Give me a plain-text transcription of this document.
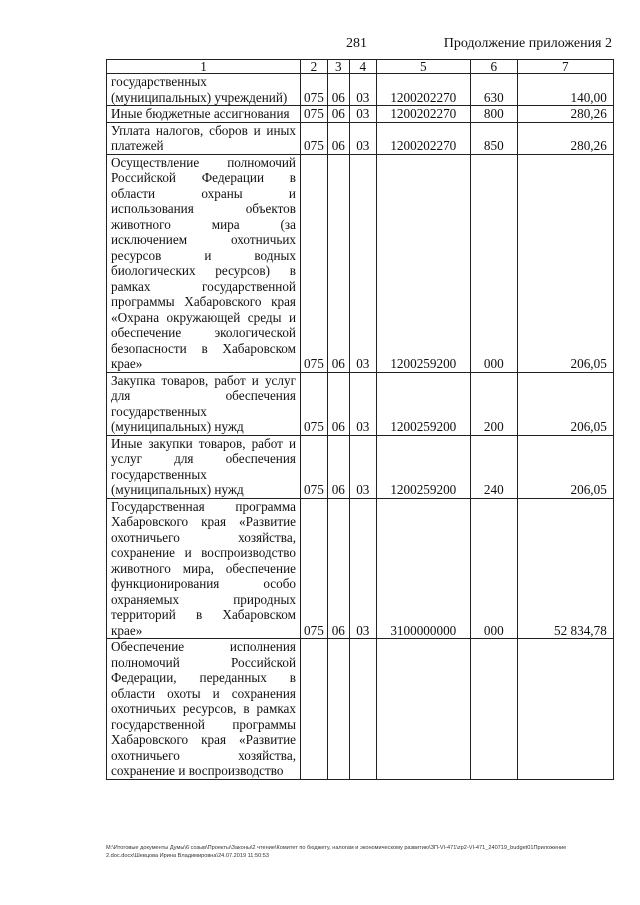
281	Продолжение приложения 2
1	2	3	4	5	6	7
государственных (муниципальных) учреждений)	075	06	03	1200202270	630	140,00
Иные бюджетные ассигнования	075	06	03	1200202270	800	280,26
Уплата налогов, сборов и иных платежей	075	06	03	1200202270	850	280,26
Осуществление полномочий Российской Федерации в области охраны и использования объектов животного мира (за исключением охотничьих ресурсов и водных биологических ресурсов) в рамках государственной программы Хабаровского края «Охрана окружающей среды и обеспечение экологической безопасности в Хабаровском крае»	075	06	03	1200259200	000	206,05
Закупка товаров, работ и услуг для обеспечения государственных (муниципальных) нужд	075	06	03	1200259200	200	206,05
Иные закупки товаров, работ и услуг для обеспечения государственных (муниципальных) нужд	075	06	03	1200259200	240	206,05
Государственная программа Хабаровского края «Развитие охотничьего хозяйства, сохранение и воспроизводство животного мира, обеспечение функционирования особо охраняемых природных территорий в Хабаровском крае»	075	06	03	3100000000	000	52 834,78
Обеспечение исполнения полномочий Российской Федерации, переданных в области охоты и сохранения охотничьих ресурсов, в рамках государственной программы Хабаровского края «Развитие охотничьего хозяйства, сохранение и воспроизводство						
M:\Итоговые документы Думы\6 созыв\Проекты\Законы\2 чтение\Комитет по бюджету, налогам и экономическому развитию\ЗП-VI-471\zp2-VI-471_240719_budget01Приложение 2.doc.docx\Шевцова Ирина Владимировна\24.07.2019 11:50:53
